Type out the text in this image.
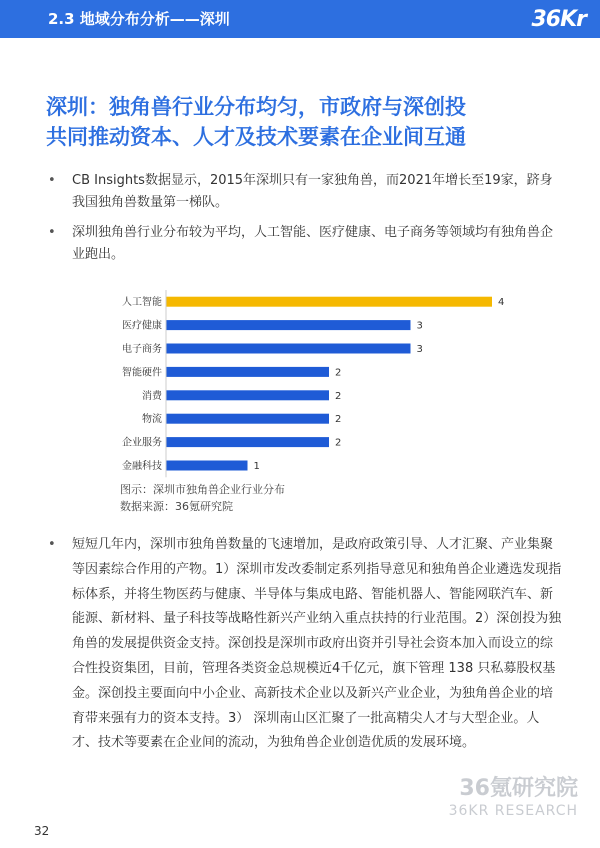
2.3 地域分布分析——深圳	36Kr
深圳：独角兽行业分布均匀，市政府与深创投
共同推动资本、人才及技术要素在企业间互通
• CB Insights数据显示，2015年深圳只有一家独角兽，而2021年增长至19家，跻身我国独角兽数量第一梯队。
• 深圳独角兽行业分布较为平均，人工智能、医疗健康、电子商务等领域均有独角兽企业跑出。
人工智能	4
医疗健康	3
电子商务	3
智能硬件	2
消费	2
物流	2
企业服务	2
金融科技	1
图示：深圳市独角兽企业行业分布
数据来源：36氪研究院
• 短短几年内，深圳市独角兽数量的飞速增加，是政府政策引导、人才汇聚、产业集聚等因素综合作用的产物。1）深圳市发改委制定系列指导意见和独角兽企业遴选发现指标体系，并将生物医药与健康、半导体与集成电路、智能机器人、智能网联汽车、新能源、新材料、量子科技等战略性新兴产业纳入重点扶持的行业范围。2）深创投为独角兽的发展提供资金支持。深创投是深圳市政府出资并引导社会资本加入而设立的综合性投资集团，目前，管理各类资金总规模近4千亿元，旗下管理 138 只私募股权基金。深创投主要面向中小企业、高新技术企业以及新兴产业企业，为独角兽企业的培育带来强有力的资本支持。3） 深圳南山区汇聚了一批高精尖人才与大型企业。人才、技术等要素在企业间的流动，为独角兽企业创造优质的发展环境。
32
36氪研究院
36KR RESEARCH
